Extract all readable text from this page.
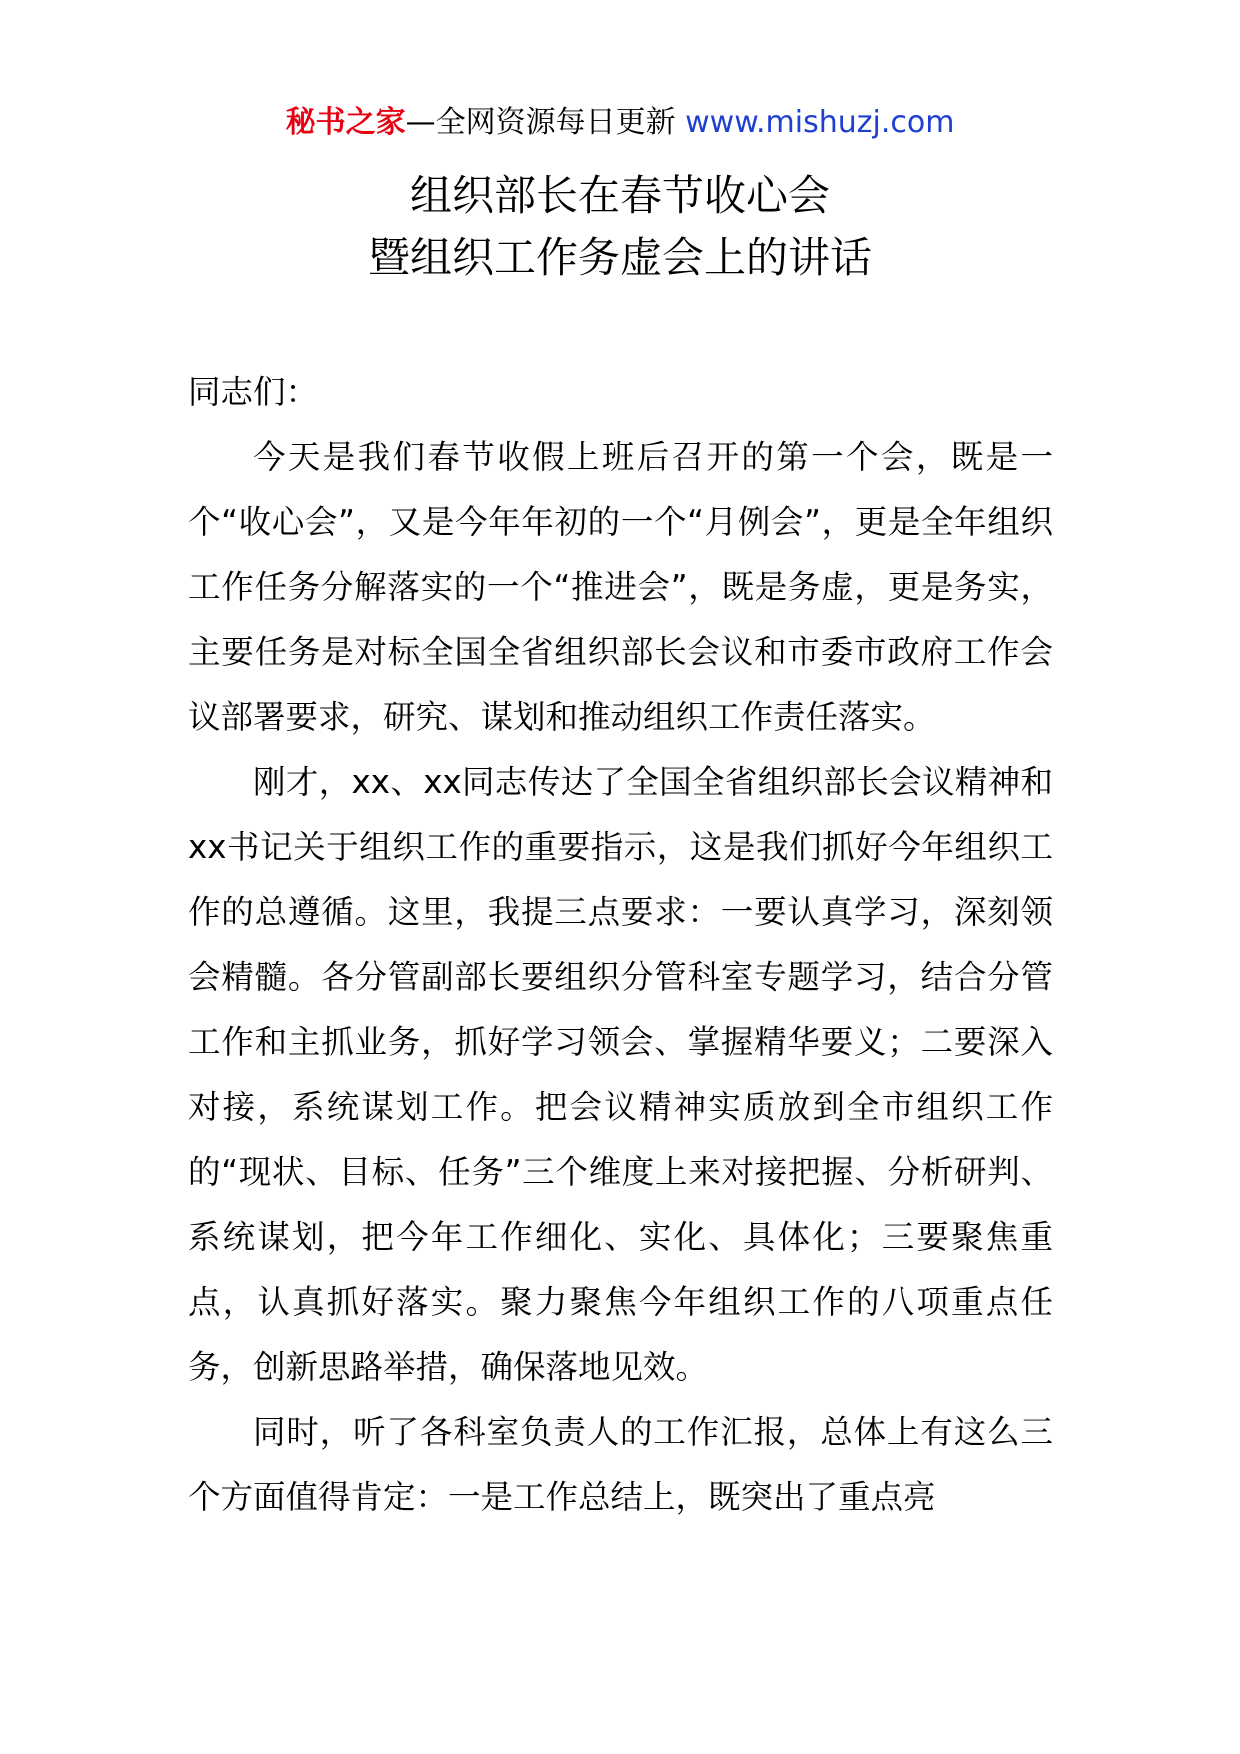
秘书之家—全网资源每日更新 www.mishuzj.com
组织部长在春节收心会
暨组织工作务虚会上的讲话

同志们：

今天是我们春节收假上班后召开的第一个会，既是一个“收心会”，又是今年年初的一个“月例会”，更是全年组织工作任务分解落实的一个“推进会”，既是务虚，更是务实，主要任务是对标全国全省组织部长会议和市委市政府工作会议部署要求，研究、谋划和推动组织工作责任落实。

刚才，xx、xx同志传达了全国全省组织部长会议精神和xx书记关于组织工作的重要指示，这是我们抓好今年组织工作的总遵循。这里，我提三点要求：一要认真学习，深刻领会精髓。各分管副部长要组织分管科室专题学习，结合分管工作和主抓业务，抓好学习领会、掌握精华要义；二要深入对接，系统谋划工作。把会议精神实质放到全市组织工作的“现状、目标、任务”三个维度上来对接把握、分析研判、系统谋划，把今年工作细化、实化、具体化；三要聚焦重点，认真抓好落实。聚力聚焦今年组织工作的八项重点任务，创新思路举措，确保落地见效。

同时，听了各科室负责人的工作汇报，总体上有这么三个方面值得肯定：一是工作总结上，既突出了重点亮
